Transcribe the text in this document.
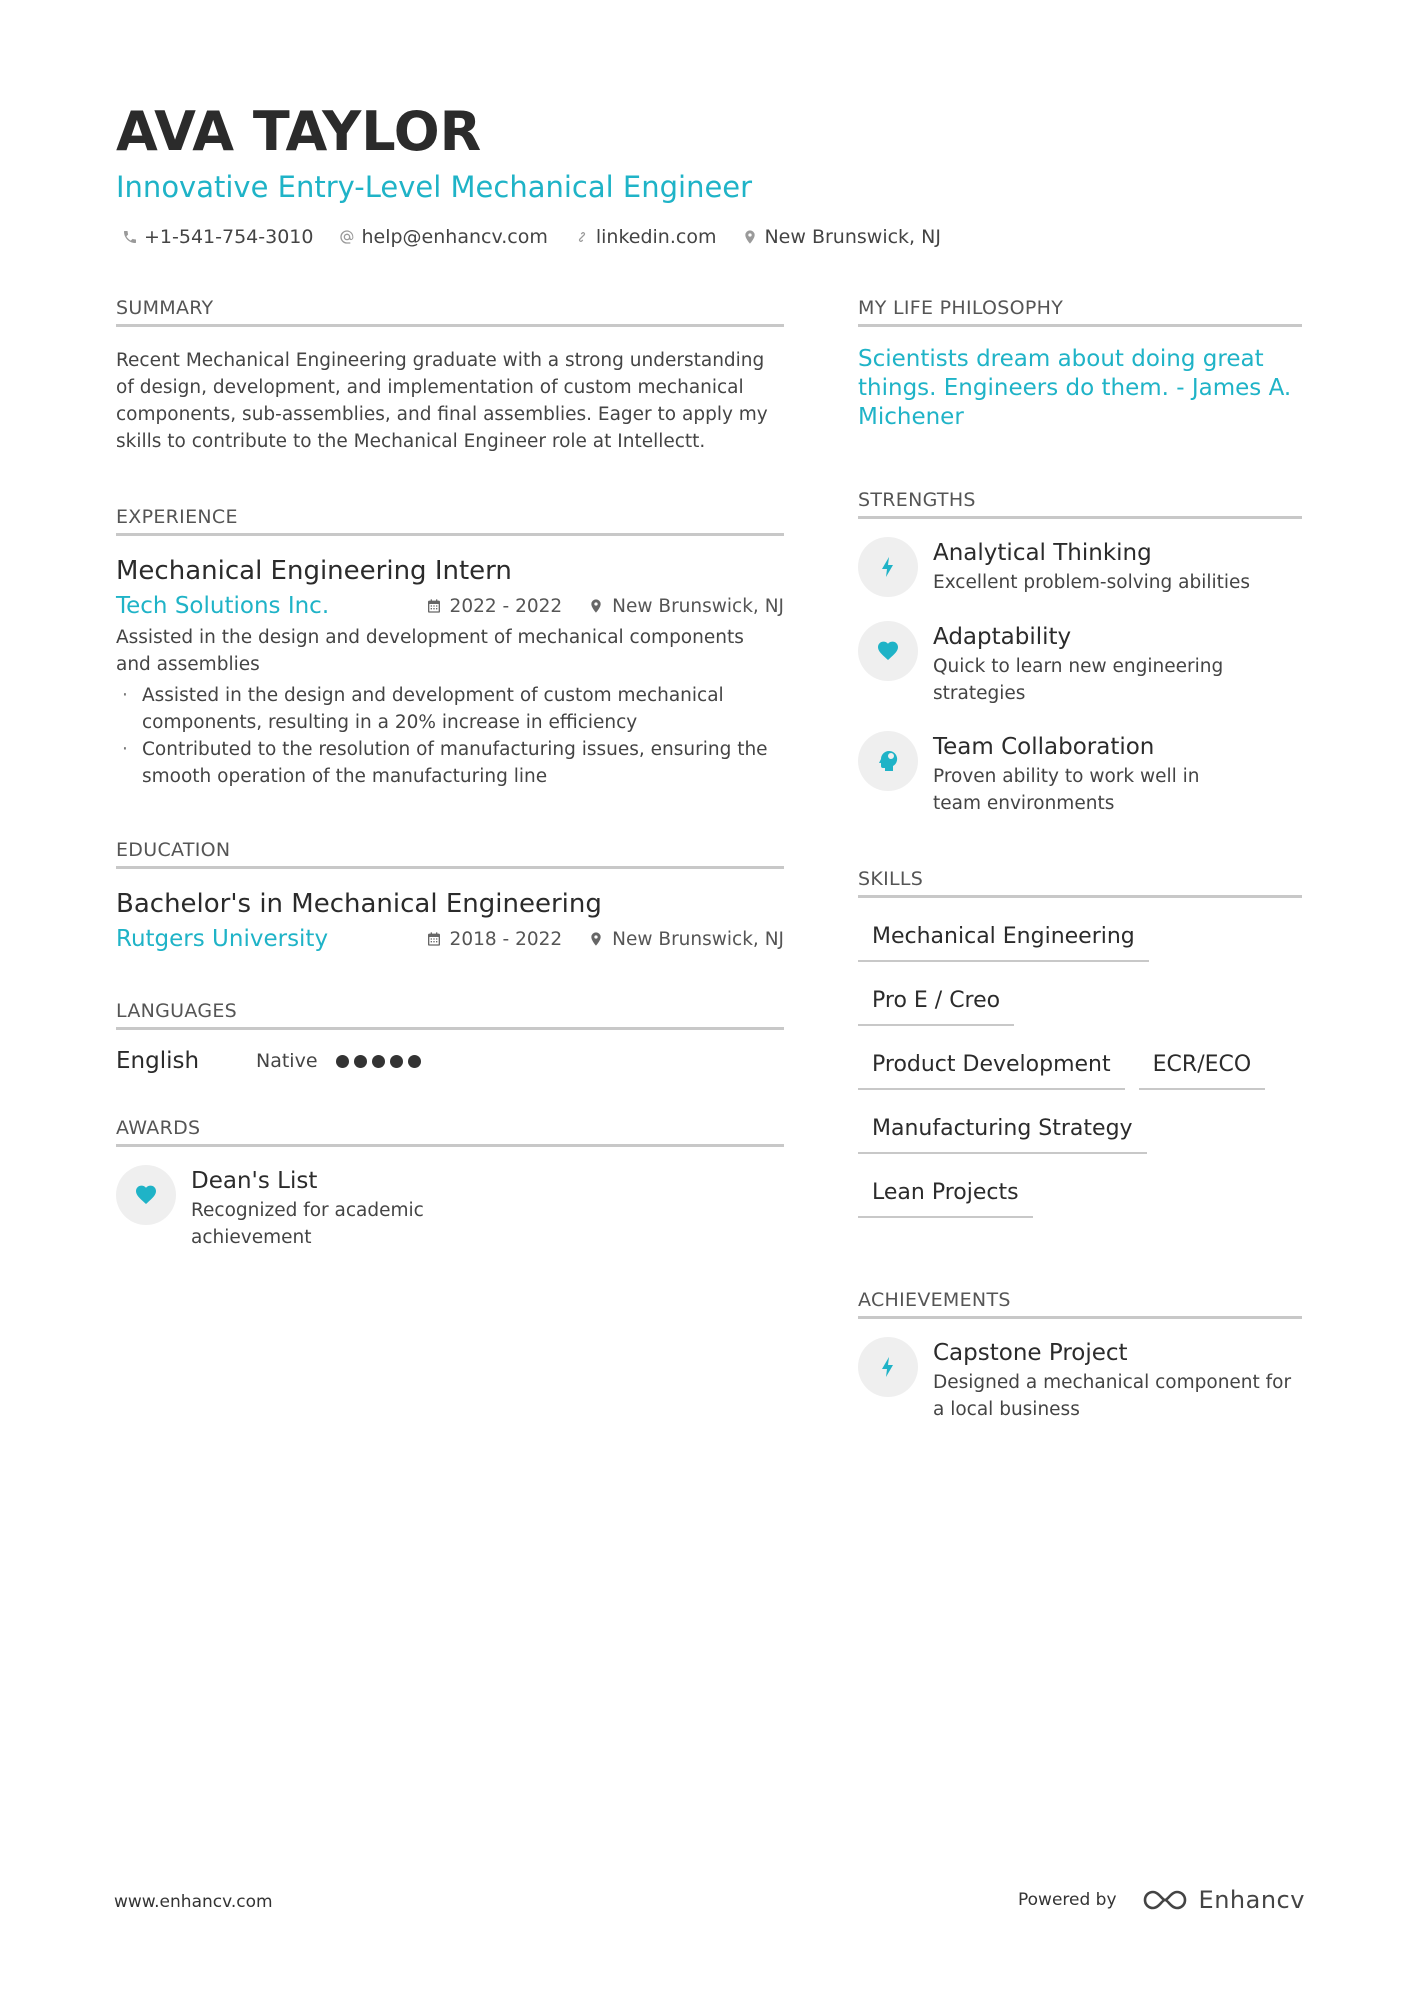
AVA TAYLOR
Innovative Entry-Level Mechanical Engineer
+1-541-754-3010	help@enhancv.com	linkedin.com	New Brunswick, NJ
SUMMARY
Recent Mechanical Engineering graduate with a strong understanding of design, development, and implementation of custom mechanical components, sub-assemblies, and final assemblies. Eager to apply my skills to contribute to the Mechanical Engineer role at Intellectt.
EXPERIENCE
Mechanical Engineering Intern
Tech Solutions Inc.	2022 - 2022	New Brunswick, NJ
Assisted in the design and development of mechanical components and assemblies
· Assisted in the design and development of custom mechanical components, resulting in a 20% increase in efficiency
· Contributed to the resolution of manufacturing issues, ensuring the smooth operation of the manufacturing line
EDUCATION
Bachelor's in Mechanical Engineering
Rutgers University	2018 - 2022	New Brunswick, NJ
LANGUAGES
English	Native
AWARDS
Dean's List
Recognized for academic achievement
MY LIFE PHILOSOPHY
Scientists dream about doing great things. Engineers do them. - James A. Michener
STRENGTHS
Analytical Thinking
Excellent problem-solving abilities
Adaptability
Quick to learn new engineering strategies
Team Collaboration
Proven ability to work well in team environments
SKILLS
Mechanical Engineering
Pro E / Creo
Product Development	ECR/ECO
Manufacturing Strategy
Lean Projects
ACHIEVEMENTS
Capstone Project
Designed a mechanical component for a local business
www.enhancv.com	Powered by	Enhancv
